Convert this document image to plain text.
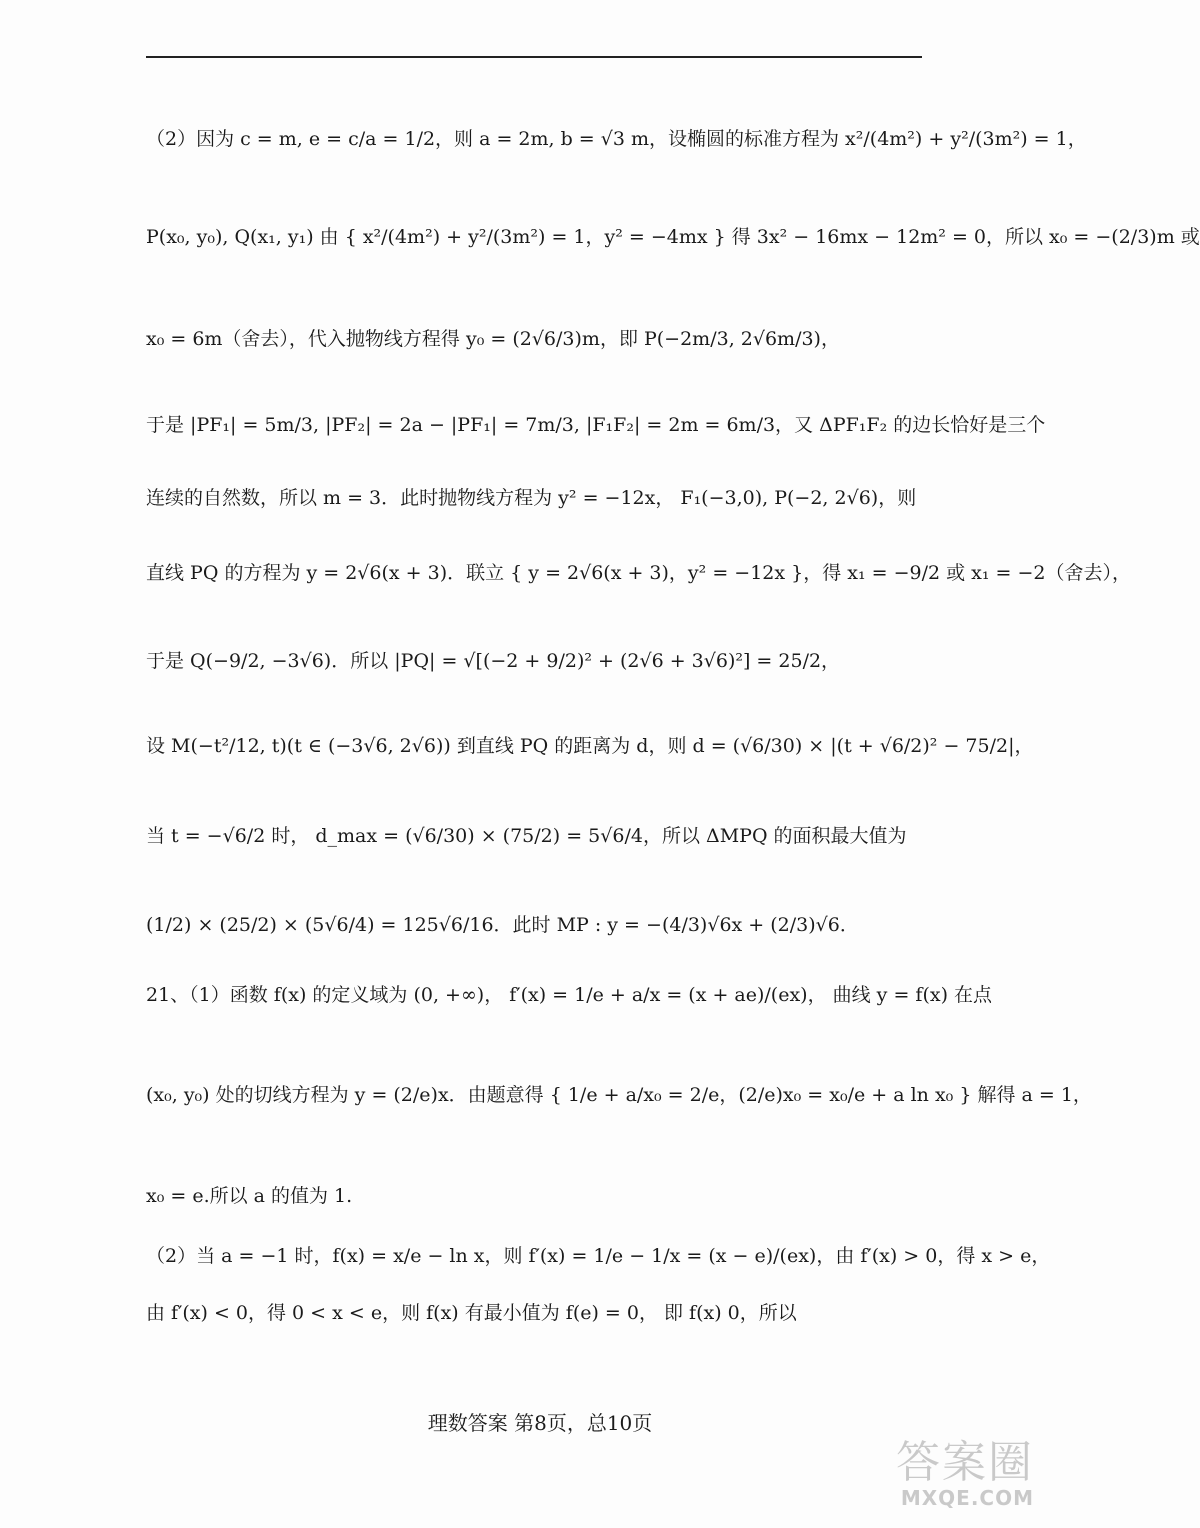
（2）因为 c = m, e = c/a = 1/2，则 a = 2m, b = √3 m，设椭圆的标准方程为 x²/(4m²) + y²/(3m²) = 1，
P(x₀, y₀), Q(x₁, y₁) 由 { x²/(4m²) + y²/(3m²) = 1，y² = −4mx } 得 3x² − 16mx − 12m² = 0，所以 x₀ = −(2/3)m 或
x₀ = 6m（舍去），代入抛物线方程得 y₀ = (2√6/3)m，即 P(−2m/3, 2√6m/3)，
于是 |PF₁| = 5m/3, |PF₂| = 2a − |PF₁| = 7m/3, |F₁F₂| = 2m = 6m/3，又 ΔPF₁F₂ 的边长恰好是三个
连续的自然数，所以 m = 3．此时抛物线方程为 y² = −12x， F₁(−3,0), P(−2, 2√6)，则
直线 PQ 的方程为 y = 2√6(x + 3)．联立 { y = 2√6(x + 3)，y² = −12x }，得 x₁ = −9/2 或 x₁ = −2（舍去），
于是 Q(−9/2, −3√6)．所以 |PQ| = √[(−2 + 9/2)² + (2√6 + 3√6)²] = 25/2，
设 M(−t²/12, t)(t ∈ (−3√6, 2√6)) 到直线 PQ 的距离为 d，则 d = (√6/30) × |(t + √6/2)² − 75/2|，
当 t = −√6/2 时， d_max = (√6/30) × (75/2) = 5√6/4，所以 ΔMPQ 的面积最大值为
(1/2) × (25/2) × (5√6/4) = 125√6/16．此时 MP : y = −(4/3)√6x + (2/3)√6．
21、（1）函数 f(x) 的定义域为 (0, +∞)， f′(x) = 1/e + a/x = (x + ae)/(ex)， 曲线 y = f(x) 在点
(x₀, y₀) 处的切线方程为 y = (2/e)x．由题意得 { 1/e + a/x₀ = 2/e，(2/e)x₀ = x₀/e + a ln x₀ } 解得 a = 1，
x₀ = e.所以 a 的值为 1.
（2）当 a = −1 时，f(x) = x/e − ln x，则 f′(x) = 1/e − 1/x = (x − e)/(ex)，由 f′(x) > 0，得 x > e，
由 f′(x) < 0，得 0 < x < e，则 f(x) 有最小值为 f(e) = 0， 即 f(x) 0，所以
理数答案 第8页，总10页
答案圈
MXQE.COM
